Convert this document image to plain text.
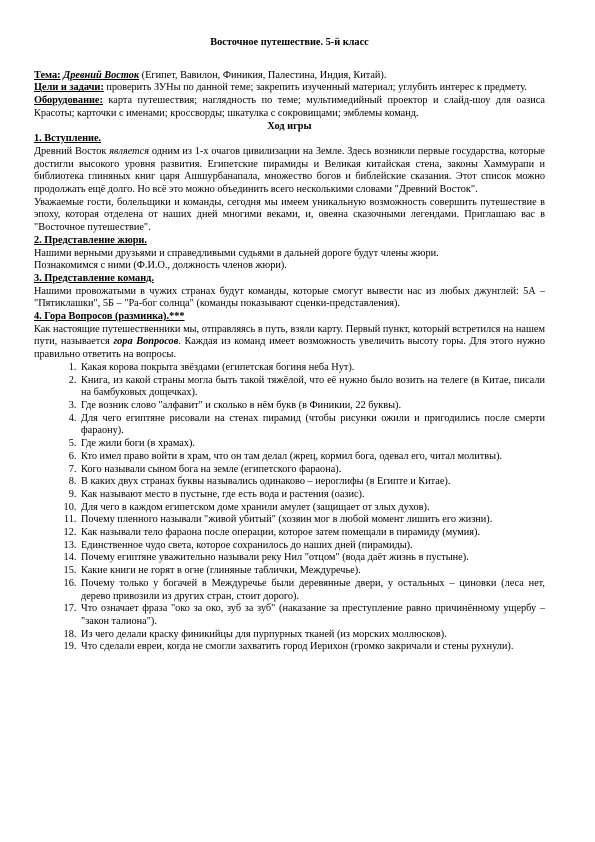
Восточное путешествие. 5-й класс

Тема: Древний Восток (Египет, Вавилон, Финикия, Палестина, Индия, Китай).

Цели и задачи: проверить ЗУНы по данной теме; закрепить изученный материал; углубить интерес к предмету.

Оборудование: карта путешествия; наглядность по теме; мультимедийный проектор и слайд-шоу для оазиса Красоты; карточки с именами; кроссворды; шкатулка с сокровищами; эмблемы команд.

Ход игры

1. Вступление.

Древний Восток является одним из 1-х очагов цивилизации на Земле. Здесь возникли первые государства, которые достигли высокого уровня развития. Египетские пирамиды и Великая китайская стена, законы Хаммурапи и библиотека глиняных книг царя Ашшурбанапала, множество богов и библейские сказания. Этот список можно продолжать ещё долго. Но всё это можно объединить всего несколькими словами "Древний Восток".

Уважаемые гости, болельщики и команды, сегодня мы имеем уникальную возможность совершить путешествие в эпоху, которая отделена от наших дней многими веками, и, овеяна сказочными легендами. Приглашаю вас в "Восточное путешествие".

2. Представление жюри.

Нашими верными друзьями и справедливыми судьями в дальней дороге будут члены жюри.

Познакомимся с ними (Ф.И.О., должность членов жюри).

3. Представление команд.

Нашими провожатыми в чужих странах будут команды, которые смогут вывести нас из любых джунглей: 5А – "Пятиклашки", 5Б – "Ра-бог солнца" (команды показывают сценки-представления).

4. Гора Вопросов (разминка).***

Как настоящие путешественники мы, отправляясь в путь, взяли карту. Первый пункт, который встретился на нашем пути, называется гора Вопросов. Каждая из команд имеет возможность увеличить высоту горы. Для этого нужно правильно ответить на вопросы.

1. Какая корова покрыта звёздами (египетская богиня неба Нут).
2. Книга, из какой страны могла быть такой тяжёлой, что её нужно было возить на телеге (в Китае, писали на бамбуковых дощечках).
3. Где возник слово "алфавит" и сколько в нём букв (в Финикии, 22 буквы).
4. Для чего египтяне рисовали на стенах пирамид (чтобы рисунки ожили и пригодились после смерти фараону).
5. Где жили боги (в храмах).
6. Кто имел право войти в храм, что он там делал (жрец, кормил бога, одевал его, читал молитвы).
7. Кого называли сыном бога на земле (египетского фараона).
8. В каких двух странах буквы назывались одинаково – иероглифы (в Египте и Китае).
9. Как называют место в пустыне, где есть вода и растения (оазис).
10. Для чего в каждом египетском доме хранили амулет (защищает от злых духов).
11. Почему пленного называли "живой убитый" (хозяин мог в любой момент лишить его жизни).
12. Как называли тело фараона после операции, которое затем помещали в пирамиду (мумия).
13. Единственное чудо света, которое сохранилось до наших дней (пирамиды).
14. Почему египтяне уважительно называли реку Нил "отцом" (вода даёт жизнь в пустыне).
15. Какие книги не горят в огне (глиняные таблички, Междуречье).
16. Почему только у богачей в Междуречье были деревянные двери, у остальных – циновки (леса нет, дерево привозили из других стран, стоит дорого).
17. Что означает фраза "око за око, зуб за зуб" (наказание за преступление равно причинённому ущербу – "закон талиона").
18. Из чего делали краску финикийцы для пурпурных тканей (из морских моллюсков).
19. Что сделали евреи, когда не смогли захватить город Иерихон (громко закричали и стены рухнули).
